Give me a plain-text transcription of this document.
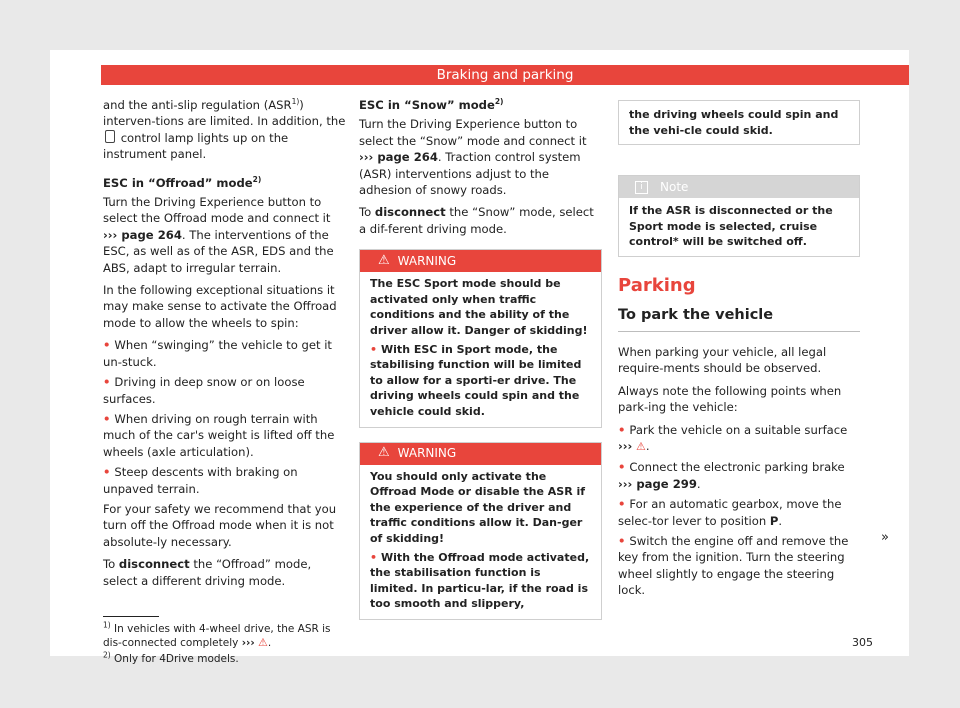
Braking and parking

and the anti-slip regulation (ASR$^{1)}$) interven-tions are limited. In addition, the  control lamp lights up on the instrument panel.

ESC in “Offroad” mode$^{2)}$

Turn the Driving Experience button to select the Offroad mode and connect it
››› page 264. The interventions of the ESC, as well as of the ASR, EDS and the ABS, adapt to irregular terrain.

In the following exceptional situations it may make sense to activate the Offroad mode to allow the wheels to spin:

• When “swinging” the vehicle to get it un-stuck.

• Driving in deep snow or on loose surfaces.

• When driving on rough terrain with much of the car's weight is lifted off the wheels (axle articulation).

• Steep descents with braking on unpaved terrain.

For your safety we recommend that you turn off the Offroad mode when it is not absolute-ly necessary.

To disconnect the “Offroad” mode, select a different driving mode.

$^{1)}$ In vehicles with 4-wheel drive, the ASR is dis-connected completely ››› ⚠.

$^{2)}$ Only for 4Drive models.

ESC in “Snow” mode$^{2)}$

Turn the Driving Experience button to select the “Snow” mode and connect it
››› page 264. Traction control system (ASR) interventions adjust to the adhesion of snowy roads.

To disconnect the “Snow” mode, select a dif-ferent driving mode.

⚠ WARNING

The ESC Sport mode should be activated only when traffic conditions and the ability of the driver allow it. Danger of skidding!

• With ESC in Sport mode, the stabilising function will be limited to allow for a sporti-er drive. The driving wheels could spin and the vehicle could skid.

⚠ WARNING

You should only activate the Offroad Mode or disable the ASR if the experience of the driver and traffic conditions allow it. Dan-ger of skidding!

• With the Offroad mode activated, the stabilisation function is limited. In particu-lar, if the road is too smooth and slippery,

the driving wheels could spin and the vehi-cle could skid.
i	Note
If the ASR is disconnected or the Sport mode is selected, cruise control* will be switched off.
Parking
To park the vehicle

When parking your vehicle, all legal require-ments should be observed.

Always note the following points when park-ing the vehicle:

• Park the vehicle on a suitable surface ››› ⚠.

• Connect the electronic parking brake
››› page 299.

• For an automatic gearbox, move the selec-tor lever to position P.

• Switch the engine off and remove the key from the ignition. Turn the steering wheel slightly to engage the steering lock.

»
305
